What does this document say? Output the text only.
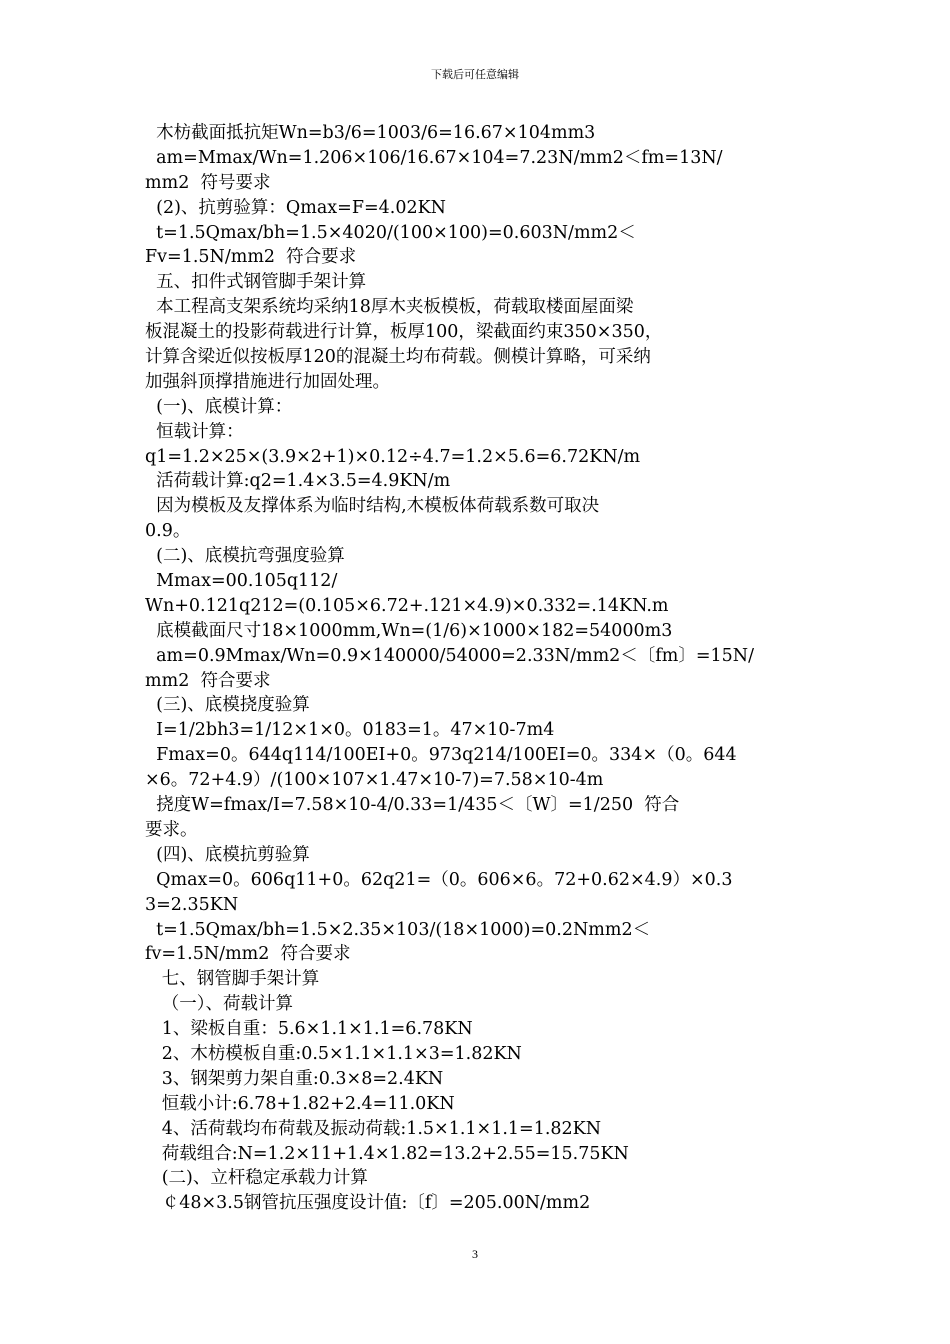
下载后可任意编辑
木枋截面抵抗矩Wn=b3/6=1003/6=16.67×104mm3
am=Mmax/Wn=1.206×106/16.67×104=7.23N/mm2＜fm=13N/
mm2  符号要求
(2)、抗剪验算：Qmax=F=4.02KN
t=1.5Qmax/bh=1.5×4020/(100×100)=0.603N/mm2＜
Fv=1.5N/mm2  符合要求
五、扣件式钢管脚手架计算
本工程高支架系统均采纳18厚木夹板模板，荷载取楼面屋面梁
板混凝土的投影荷载进行计算，板厚100，梁截面约束350×350，
计算含梁近似按板厚120的混凝土均布荷载。侧模计算略，可采纳
加强斜顶撑措施进行加固处理。
(一)、底模计算：
恒载计算：
q1=1.2×25×(3.9×2+1)×0.12÷4.7=1.2×5.6=6.72KN/m
活荷载计算:q2=1.4×3.5=4.9KN/m
因为模板及友撑体系为临时结构,木模板体荷载系数可取决
0.9。
(二)、底模抗弯强度验算
Mmax=00.105q112/
Wn+0.121q212=(0.105×6.72+.121×4.9)×0.332=.14KN.m
底模截面尺寸18×1000mm,Wn=(1/6)×1000×182=54000m3
am=0.9Mmax/Wn=0.9×140000/54000=2.33N/mm2＜〔fm〕=15N/
mm2  符合要求
(三)、底模挠度验算
I=1/2bh3=1/12×1×0。0183=1。47×10-7m4
Fmax=0。644q114/100EI+0。973q214/100EI=0。334×（0。644
×6。72+4.9）/(100×107×1.47×10-7)=7.58×10-4m
挠度W=fmax/I=7.58×10-4/0.33=1/435＜〔W〕=1/250  符合
要求。
(四)、底模抗剪验算
Qmax=0。606q11+0。62q21=（0。606×6。72+0.62×4.9）×0.3
3=2.35KN
t=1.5Qmax/bh=1.5×2.35×103/(18×1000)=0.2Nmm2＜
fv=1.5N/mm2  符合要求
七、钢管脚手架计算
（一）、荷载计算
1、梁板自重：5.6×1.1×1.1=6.78KN
2、木枋模板自重:0.5×1.1×1.1×3=1.82KN
3、钢架剪力架自重:0.3×8=2.4KN
恒载小计:6.78+1.82+2.4=11.0KN
4、活荷载均布荷载及振动荷载:1.5×1.1×1.1=1.82KN
荷载组合:N=1.2×11+1.4×1.82=13.2+2.55=15.75KN
(二)、立杆稳定承载力计算
￠48×3.5钢管抗压强度设计值:〔f〕=205.00N/mm2
3
